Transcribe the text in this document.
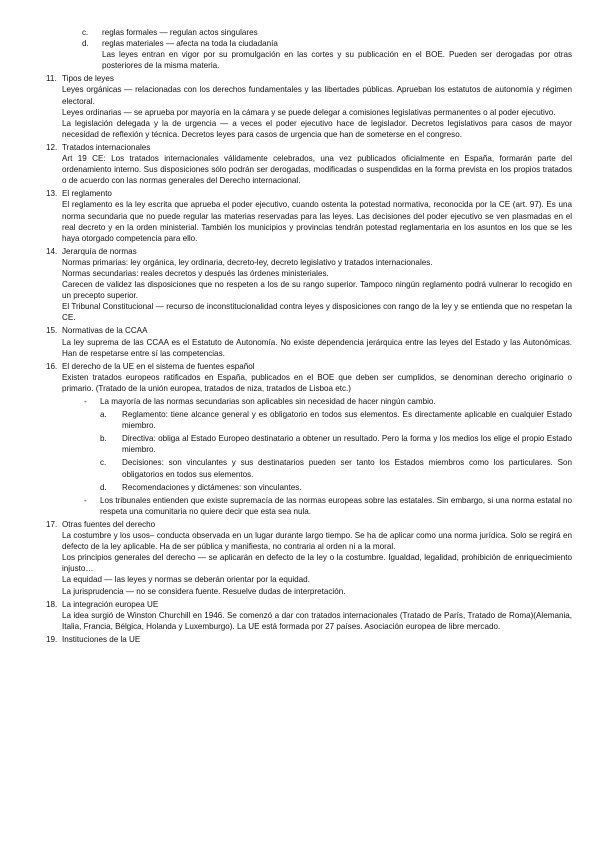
c.	reglas formales — regulan actos singulares
d.	reglas materiales — afecta na toda la ciudadanía

Las leyes entran en vigor por su promulgación en las cortes y su publicación en el BOE. Pueden ser derogadas por otras posteriores de la misma materia.

11. Tipos de leyes

Leyes orgánicas — relacionadas con los derechos fundamentales y las libertades públicas. Aprueban los estatutos de autonomía y régimen electoral.

Leyes ordinarias — se aprueba por mayoría en la cámara y se puede delegar a comisiones legislativas permanentes o al poder ejecutivo.

La legislación delegada y la de urgencia — a veces el poder ejecutivo hace de legislador. Decretos legislativos para casos de mayor necesidad de reflexión y técnica. Decretos leyes para casos de urgencia que han de someterse en el congreso.

12. Tratados internacionales

Art 19 CE: Los tratados internacionales válidamente celebrados, una vez publicados oficialmente en España, formarán parte del ordenamiento interno. Sus disposiciones sólo podrán ser derogadas, modificadas o suspendidas en la forma prevista en los propios tratados o de acuerdo con las normas generales del Derecho internacional.

13. El reglamento

El reglamento es la ley escrita que aprueba el poder ejecutivo, cuando ostenta la potestad normativa, reconocida por la CE (art. 97). Es una norma secundaria que no puede regular las materias reservadas para las leyes. Las decisiones del poder ejecutivo se ven plasmadas en el real decreto y en la orden ministerial. También los municipios y provincias tendrán potestad reglamentaria en los asuntos en los que se les haya otorgado competencia para ello.

14. Jerarquía de normas

Normas primarias: ley orgánica, ley ordinaria, decreto-ley, decreto legislativo y tratados internacionales.

Normas secundarias: reales decretos y después las órdenes ministeriales.

Carecen de validez las disposiciones que no respeten a los de su rango superior. Tampoco ningún reglamento podrá vulnerar lo recogido en un precepto superior.

El Tribunal Constitucional — recurso de inconstitucionalidad contra leyes y disposiciones con rango de la ley y se entienda que no respetan la CE.

15. Normativas de la CCAA

La ley suprema de las CCAA es el Estatuto de Autonomía. No existe dependencia jerárquica entre las leyes del Estado y las Autonómicas. Han de respetarse entre sí las competencias.

16. El derecho de la UE en el sistema de fuentes español

Existen tratados europeos ratificados en España, publicados en el BOE que deben ser cumplidos, se denominan derecho originario o primario. (Tratado de la unión europea, tratados de niza, tratados de Lisboa etc.)

-	La mayoría de las normas secundarias son aplicables sin necesidad de hacer ningún cambio.
a.	Reglamento: tiene alcance general y es obligatorio en todos sus elementos. Es directamente aplicable en cualquier Estado miembro.
b.	Directiva: obliga al Estado Europeo destinatario a obtener un resultado. Pero la forma y los medios los elige el propio Estado miembro.
c.	Decisiones: son vinculantes y sus destinatarios pueden ser tanto los Estados miembros como los particulares. Son obligatorios en todos sus elementos.
d.	Recomendaciones y dictámenes: son vinculantes.
-	Los tribunales entienden que existe supremacía de las normas europeas sobre las estatales. Sin embargo, si una norma estatal no respeta una comunitaria no quiere decir que esta sea nula.
17. Otras fuentes del derecho

La costumbre y los usos– conducta observada en un lugar durante largo tiempo. Se ha de aplicar como una norma jurídica. Solo se regirá en defecto de la ley aplicable. Ha de ser pública y manifiesta, no contraria al orden ni a la moral.

Los principios generales del derecho — se aplicarán en defecto de la ley o la costumbre. Igualdad, legalidad, prohibición de enriquecimiento injusto…

La equidad — las leyes y normas se deberán orientar por la equidad.

La jurisprudencia — no se considera fuente. Resuelve dudas de interpretación.

18. La integración europea UE

La idea surgió de Winston Churchill en 1946. Se comenzó a dar con tratados internacionales (Tratado de París, Tratado de Roma)(Alemania, Italia, Francia, Bélgica, Holanda y Luxemburgo). La UE está formada por 27 países. Asociación europea de libre mercado.

19. Instituciones de la UE
